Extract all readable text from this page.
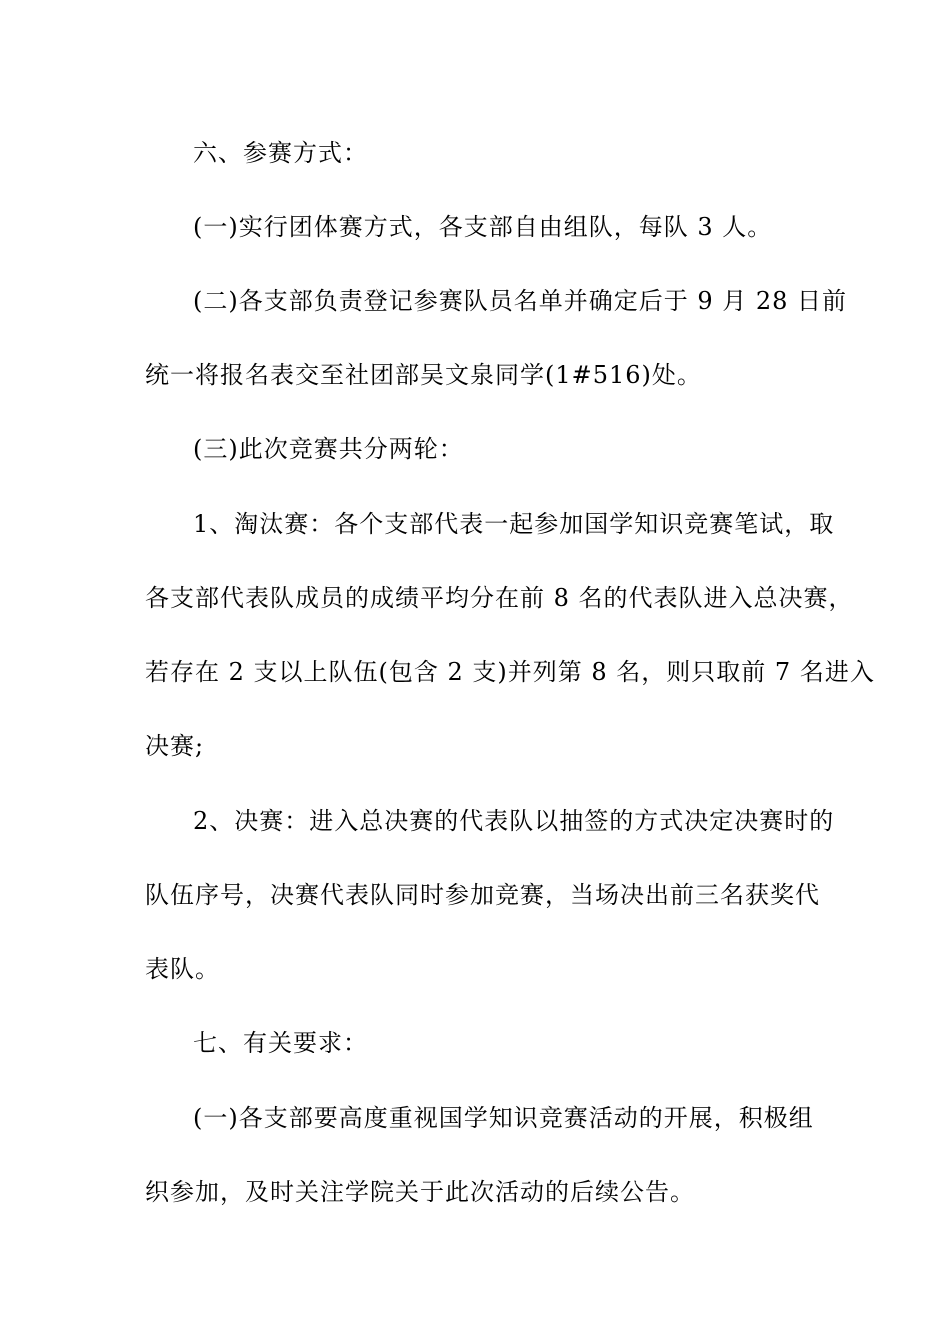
六、参赛方式：
(一)实行团体赛方式，各支部自由组队，每队 3 人。
(二)各支部负责登记参赛队员名单并确定后于 9 月 28 日前
统一将报名表交至社团部吴文泉同学(1#516)处。
(三)此次竞赛共分两轮：
1、淘汰赛：各个支部代表一起参加国学知识竞赛笔试，取
各支部代表队成员的成绩平均分在前 8 名的代表队进入总决赛，
若存在 2 支以上队伍(包含 2 支)并列第 8 名，则只取前 7 名进入
决赛;
2、决赛：进入总决赛的代表队以抽签的方式决定决赛时的
队伍序号，决赛代表队同时参加竞赛，当场决出前三名获奖代
表队。
七、有关要求：
(一)各支部要高度重视国学知识竞赛活动的开展，积极组
织参加，及时关注学院关于此次活动的后续公告。
